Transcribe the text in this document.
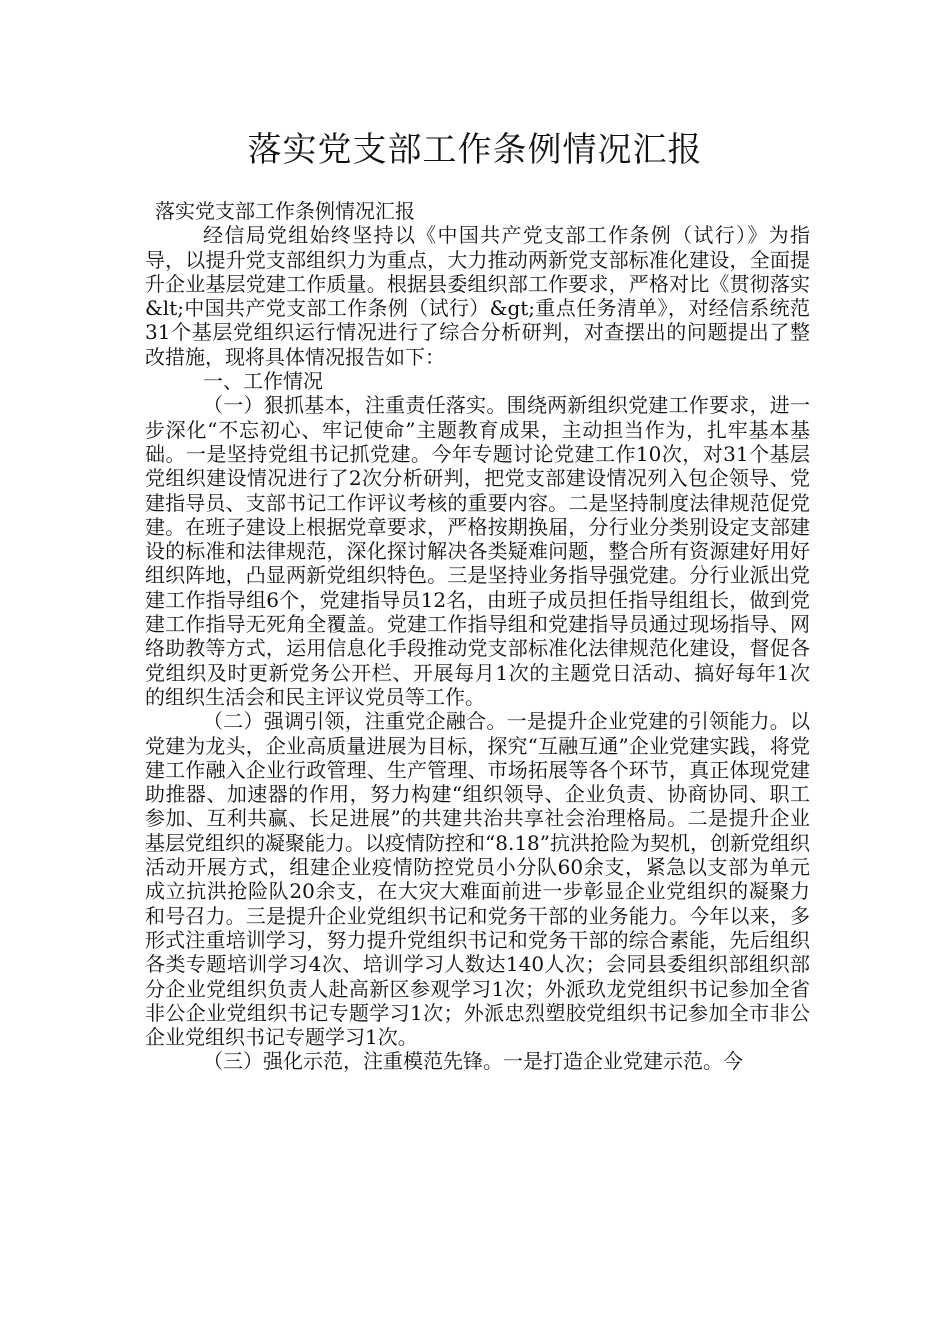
落实党支部工作条例情况汇报
落实党支部工作条例情况汇报

经信局党组始终坚持以《中国共产党支部工作条例（试行）》为指导，以提升党支部组织力为重点，大力推动两新党支部标准化建设，全面提升企业基层党建工作质量。根据县委组织部工作要求，严格对比《贯彻落实&lt;中国共产党支部工作条例（试行）&gt;重点任务清单》，对经信系统范31个基层党组织运行情况进行了综合分析研判，对查摆出的问题提出了整改措施，现将具体情况报告如下：

一、工作情况

（一）狠抓基本，注重责任落实。围绕两新组织党建工作要求，进一步深化“不忘初心、牢记使命”主题教育成果，主动担当作为，扎牢基本基础。一是坚持党组书记抓党建。今年专题讨论党建工作10次，对31个基层党组织建设情况进行了2次分析研判，把党支部建设情况列入包企领导、党建指导员、支部书记工作评议考核的重要内容。二是坚持制度法律规范促党建。在班子建设上根据党章要求，严格按期换届，分行业分类别设定支部建设的标准和法律规范，深化探讨解决各类疑难问题，整合所有资源建好用好组织阵地，凸显两新党组织特色。三是坚持业务指导强党建。分行业派出党建工作指导组6个，党建指导员12名，由班子成员担任指导组组长，做到党建工作指导无死角全覆盖。党建工作指导组和党建指导员通过现场指导、网络助教等方式，运用信息化手段推动党支部标准化法律规范化建设，督促各党组织及时更新党务公开栏、开展每月1次的主题党日活动、搞好每年1次的组织生活会和民主评议党员等工作。

（二）强调引领，注重党企融合。一是提升企业党建的引领能力。以党建为龙头，企业高质量进展为目标，探究“互融互通”企业党建实践，将党建工作融入企业行政管理、生产管理、市场拓展等各个环节，真正体现党建助推器、加速器的作用，努力构建“组织领导、企业负责、协商协同、职工参加、互利共赢、长足进展”的共建共治共享社会治理格局。二是提升企业基层党组织的凝聚能力。以疫情防控和“8.18”抗洪抢险为契机，创新党组织活动开展方式，组建企业疫情防控党员小分队60余支，紧急以支部为单元成立抗洪抢险队20余支，在大灾大难面前进一步彰显企业党组织的凝聚力和号召力。三是提升企业党组织书记和党务干部的业务能力。今年以来，多形式注重培训学习，努力提升党组织书记和党务干部的综合素能，先后组织各类专题培训学习4次、培训学习人数达140人次；会同县委组织部组织部分企业党组织负责人赴高新区参观学习1次；外派玖龙党组织书记参加全省非公企业党组织书记专题学习1次；外派忠烈塑胶党组织书记参加全市非公企业党组织书记专题学习1次。

（三）强化示范，注重模范先锋。一是打造企业党建示范。今
